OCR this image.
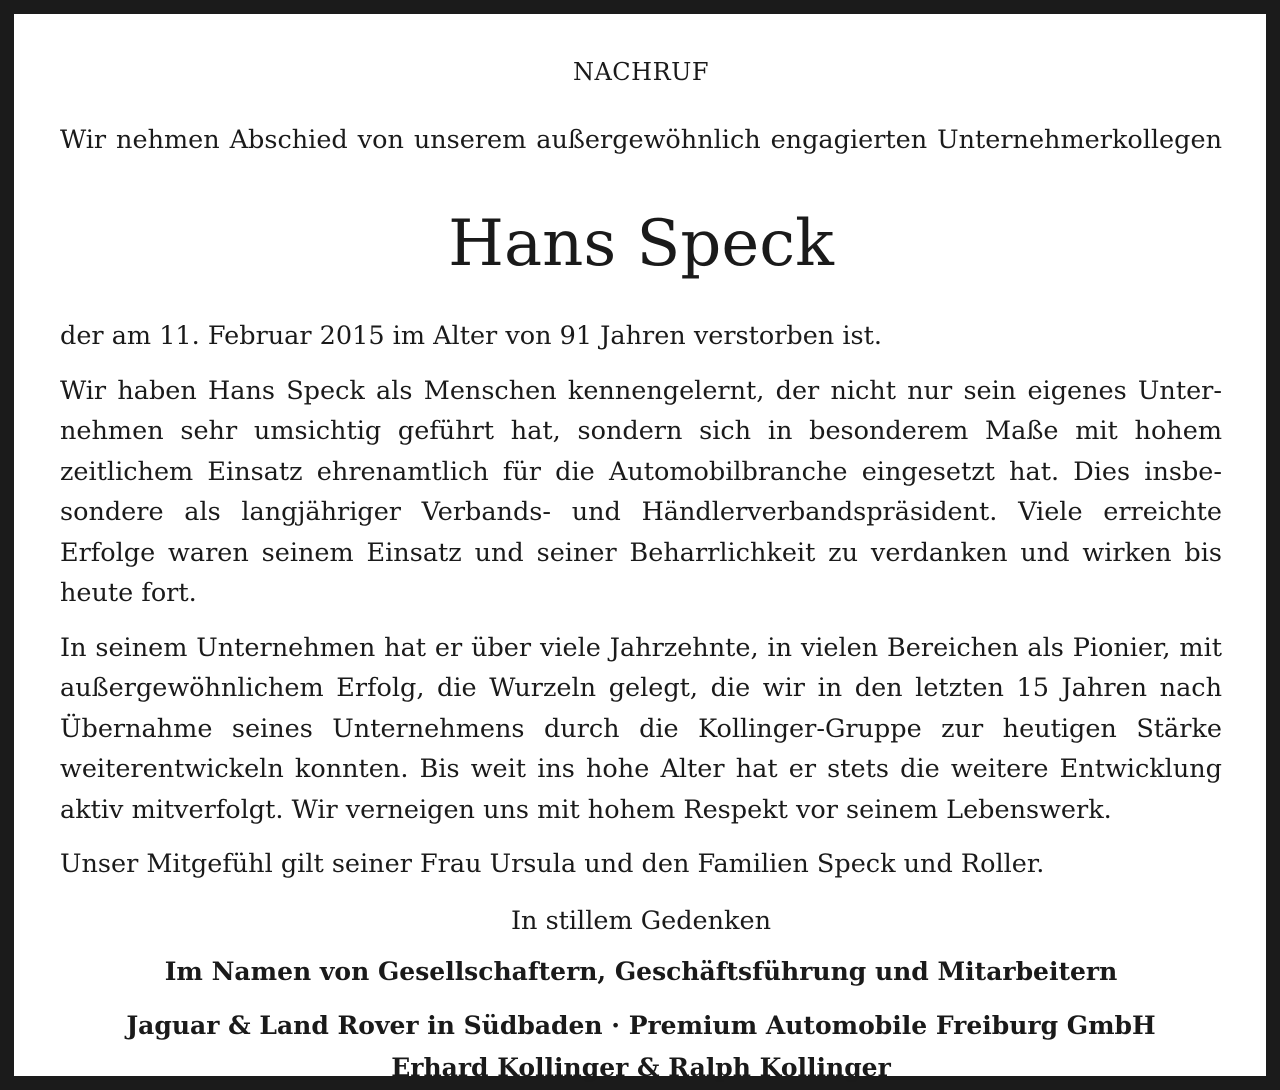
NACHRUF
Wir nehmen Abschied von unserem außergewöhnlich engagierten Unternehmerkollegen
Hans Speck
der am 11. Februar 2015 im Alter von 91 Jahren verstorben ist.
Wir haben Hans Speck als Menschen kennengelernt, der nicht nur sein eigenes Unternehmen sehr umsichtig geführt hat, sondern sich in besonderem Maße mit hohem zeitlichem Einsatz ehrenamtlich für die Automobilbranche eingesetzt hat. Dies insbesondere als langjähriger Verbands- und Händlerverbandspräsident. Viele erreichte Erfolge waren seinem Einsatz und seiner Beharrlichkeit zu verdanken und wirken bis heute fort.
In seinem Unternehmen hat er über viele Jahrzehnte, in vielen Bereichen als Pionier, mit außergewöhnlichem Erfolg, die Wurzeln gelegt, die wir in den letzten 15 Jahren nach Übernahme seines Unternehmens durch die Kollinger-Gruppe zur heutigen Stärke weiterentwickeln konnten. Bis weit ins hohe Alter hat er stets die weitere Entwicklung aktiv mitverfolgt. Wir verneigen uns mit hohem Respekt vor seinem Lebenswerk.
Unser Mitgefühl gilt seiner Frau Ursula und den Familien Speck und Roller.
In stillem Gedenken
Im Namen von Gesellschaftern, Geschäftsführung und Mitarbeitern
Jaguar & Land Rover in Südbaden · Premium Automobile Freiburg GmbH
Erhard Kollinger & Ralph Kollinger
